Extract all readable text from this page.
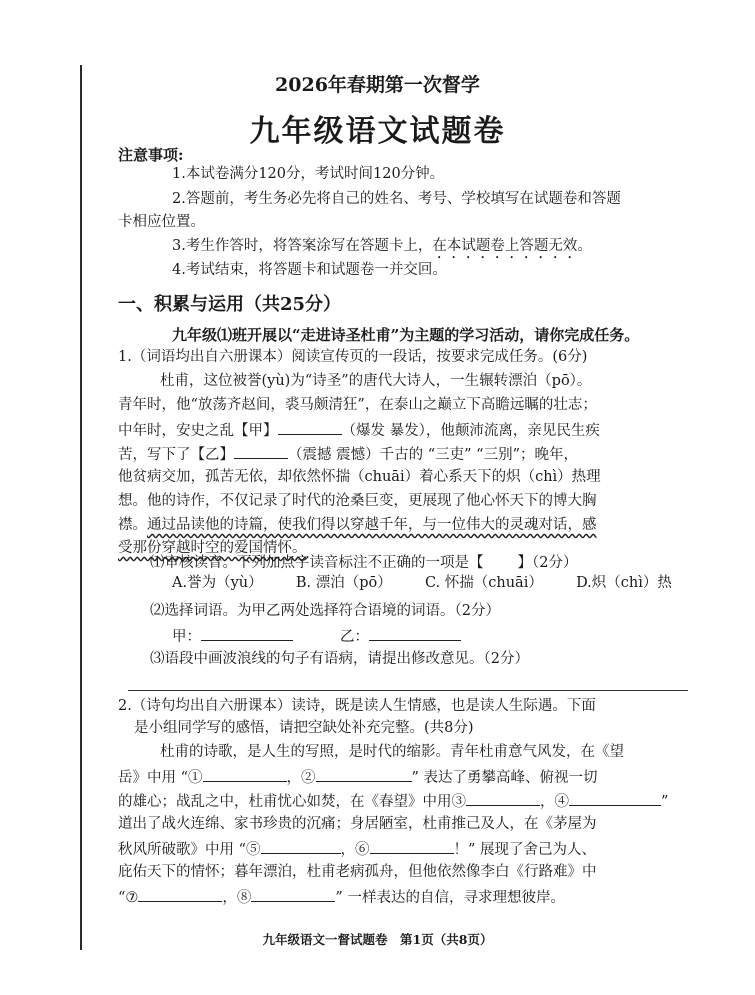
2026年春期第一次督学
九年级语文试题卷
注意事项:
1.本试卷满分120分，考试时间120分钟。
2.答题前，考生务必先将自己的姓名、考号、学校填写在试题卷和答题
卡相应位置。
3.考生作答时，将答案涂写在答题卡上，在本试题卷上答题无效。
4.考试结束，将答题卡和试题卷一并交回。
一、积累与运用（共25分）
九年级⑴班开展以“走进诗圣杜甫”为主题的学习活动，请你完成任务。
1.（词语均出自六册课本）阅读宣传页的一段话，按要求完成任务。(6分)
杜甫，这位被誉(yù)为“诗圣”的唐代大诗人，一生辗转漂泊（pō）。
青年时，他“放荡齐赵间，裘马颇清狂”，在泰山之巅立下高瞻远瞩的壮志；
中年时，安史之乱【甲】	（爆发 暴发），他颠沛流离，亲见民生疾
苦，写下了【乙】	（震撼 震憾）千古的 “三吏” “三别”；晚年，
他贫病交加，孤苦无依，却依然怀揣（chuāi）着心系天下的炽（chì）热理
想。他的诗作，不仅记录了时代的沧桑巨变，更展现了他心怀天下的博大胸
襟。通过品读他的诗篇，使我们得以穿越千年，与一位伟大的灵魂对话，感
受那份穿越时空的爱国情怀。
⑴审核读音。下列加点字读音标注不正确的一项是【 】（2分）
A.誉为（yù） B. 漂泊（pō） C. 怀揣（chuāi） D.炽（chì）热
⑵选择词语。为甲乙两处选择符合语境的词语。（2分）
甲：	乙：
⑶语段中画波浪线的句子有语病，请提出修改意见。（2分）
2.（诗句均出自六册课本）读诗，既是读人生情感，也是读人生际遇。下面
是小组同学写的感悟，请把空缺处补充完整。(共8分)
杜甫的诗歌，是人生的写照，是时代的缩影。青年杜甫意气风发，在《望
岳》中用 “①	，②	” 表达了勇攀高峰、俯视一切
的雄心；战乱之中，杜甫忧心如焚，在《春望》中用③	，④	”
道出了战火连绵、家书珍贵的沉痛；身居陋室，杜甫推己及人，在《茅屋为
秋风所破歌》中用 “⑤	，⑥	！” 展现了舍己为人、
庇佑天下的情怀；暮年漂泊，杜甫老病孤舟，但他依然像李白《行路难》中
“⑦	，⑧	” 一样表达的自信，寻求理想彼岸。
九年级语文一督试题卷　第1页（共8页）
